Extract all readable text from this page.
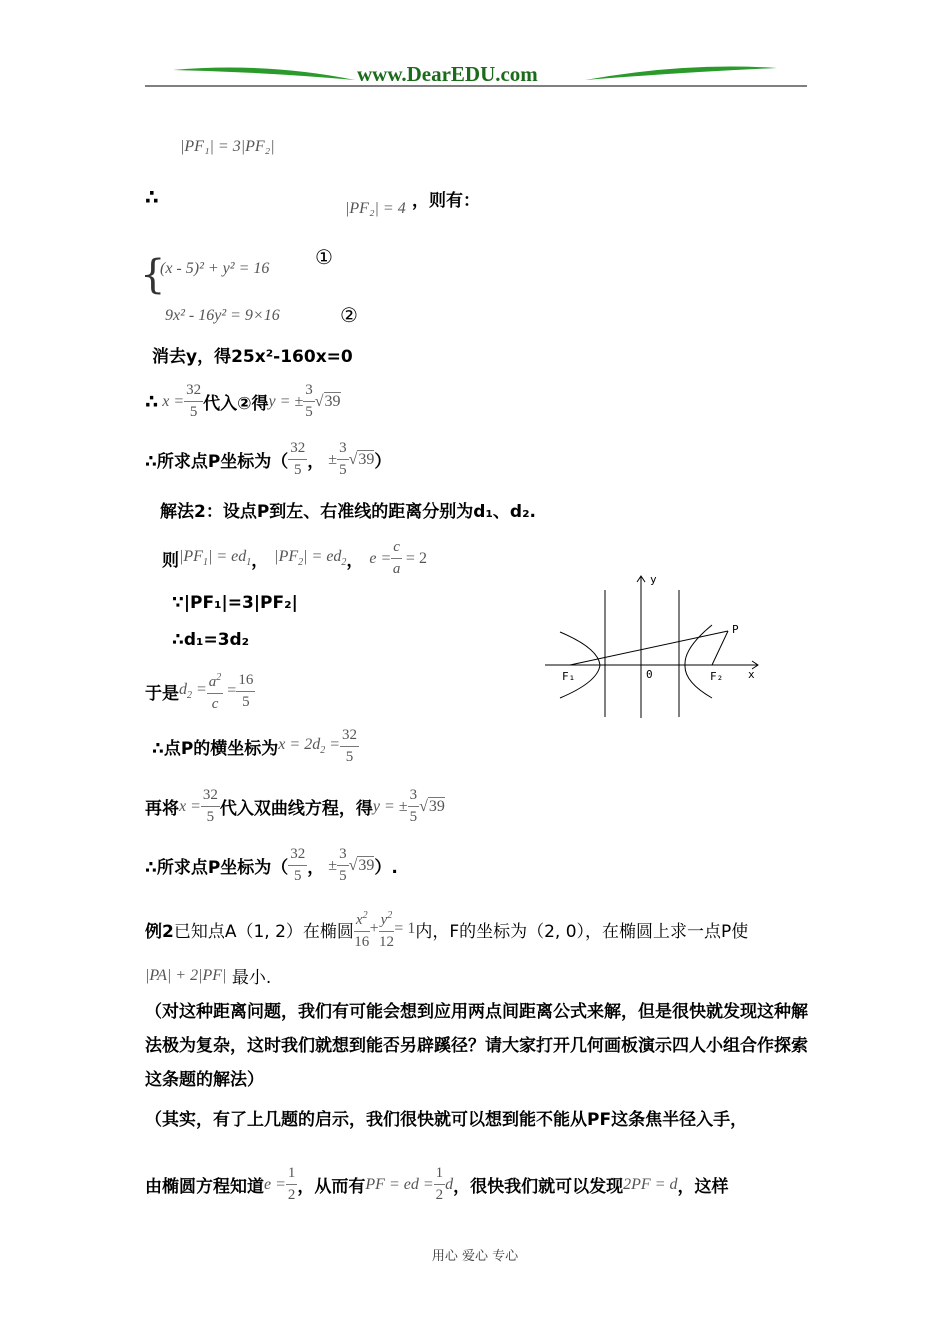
www.DearEDU.com
|PF₁| = 3|PF₂|
∴	|PF₂| = 4 ，则有：
{
(x - 5)² + y² = 16 ①
9x² - 16y² = 9×16	②
消去y，得25x²-160x=0
∴ $x = \frac{32}{5}$ 代入②得 y = ± $\frac{3}{5} √39$
∴所求点P坐标为（ $\frac{32}{5}$ ， ± $\frac{3}{5} √39$ ）
解法2：设点P到左、右准线的距离分别为d₁、d₂.
则 $|PF_1| = ed_1$ ， $|PF_2| = ed_2$ ， $e = \frac{c}{a} = 2$
∵|PF₁|=3|PF₂|
∴d₁=3d₂
于是 $d_2 = \frac{a^2}{c} = \frac{16}{5}$
∴点P的横坐标为 $x = 2d_2 = \frac{32}{5}$
再将 $x = \frac{32}{5}$ 代入双曲线方程，得 y = ± $\frac{3}{5} √39$
∴所求点P坐标为（ $\frac{32}{5}$ ， ± $\frac{3}{5} √39$ ）.
例2 已知点 A（1, 2）在椭圆 $\frac{x^2}{16} + \frac{y^2}{12} = 1$ 内， F的坐标为（2, 0），在椭圆上求一点P使
|PA| + 2|PF|
最小.
（对这种距离问题，我们有可能会想到应用两点间距离公式来解，但是很快就发现这种解法极为复杂，这时我们就想到能否另辟蹊径？请大家打开几何画板演示四人小组合作探索这条题的解法）
（其实，有了上几题的启示，我们很快就可以想到能不能从PF这条焦半径入手，
由椭圆方程知道 $e = \frac{1}{2}$ ，从而有 PF = ed = $\frac{1}{2}$ d ，很快我们就可以发现 2PF = d ，这样
y
x
P
F₁	F₂
0
用心 爱心 专心
